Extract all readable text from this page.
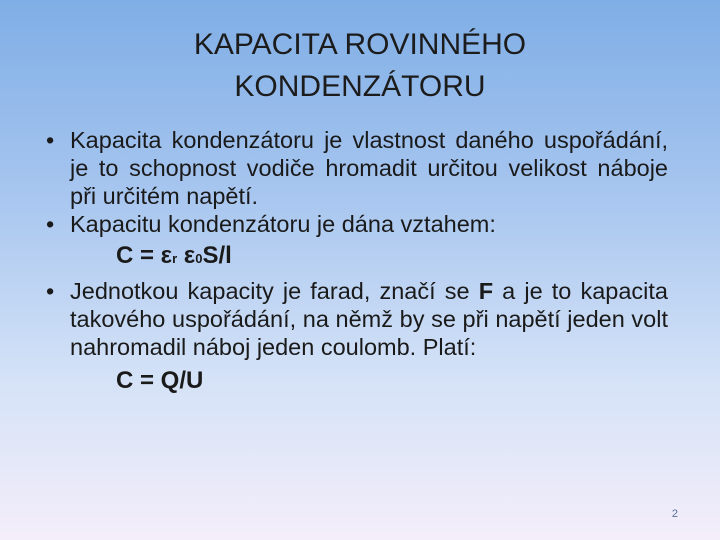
KAPACITA ROVINNÉHO
KONDENZÁTORU

• Kapacita kondenzátoru je vlastnost daného uspořádání, je to schopnost vodiče hromadit určitou velikost náboje při určitém napětí.

• Kapacitu kondenzátoru je dána vztahem:

C = εr ε0S/l

• Jednotkou kapacity je farad, značí se F a je to kapacita takového uspořádání, na němž by se při napětí jeden volt nahromadil náboj jeden coulomb. Platí:

C = Q/U
2
